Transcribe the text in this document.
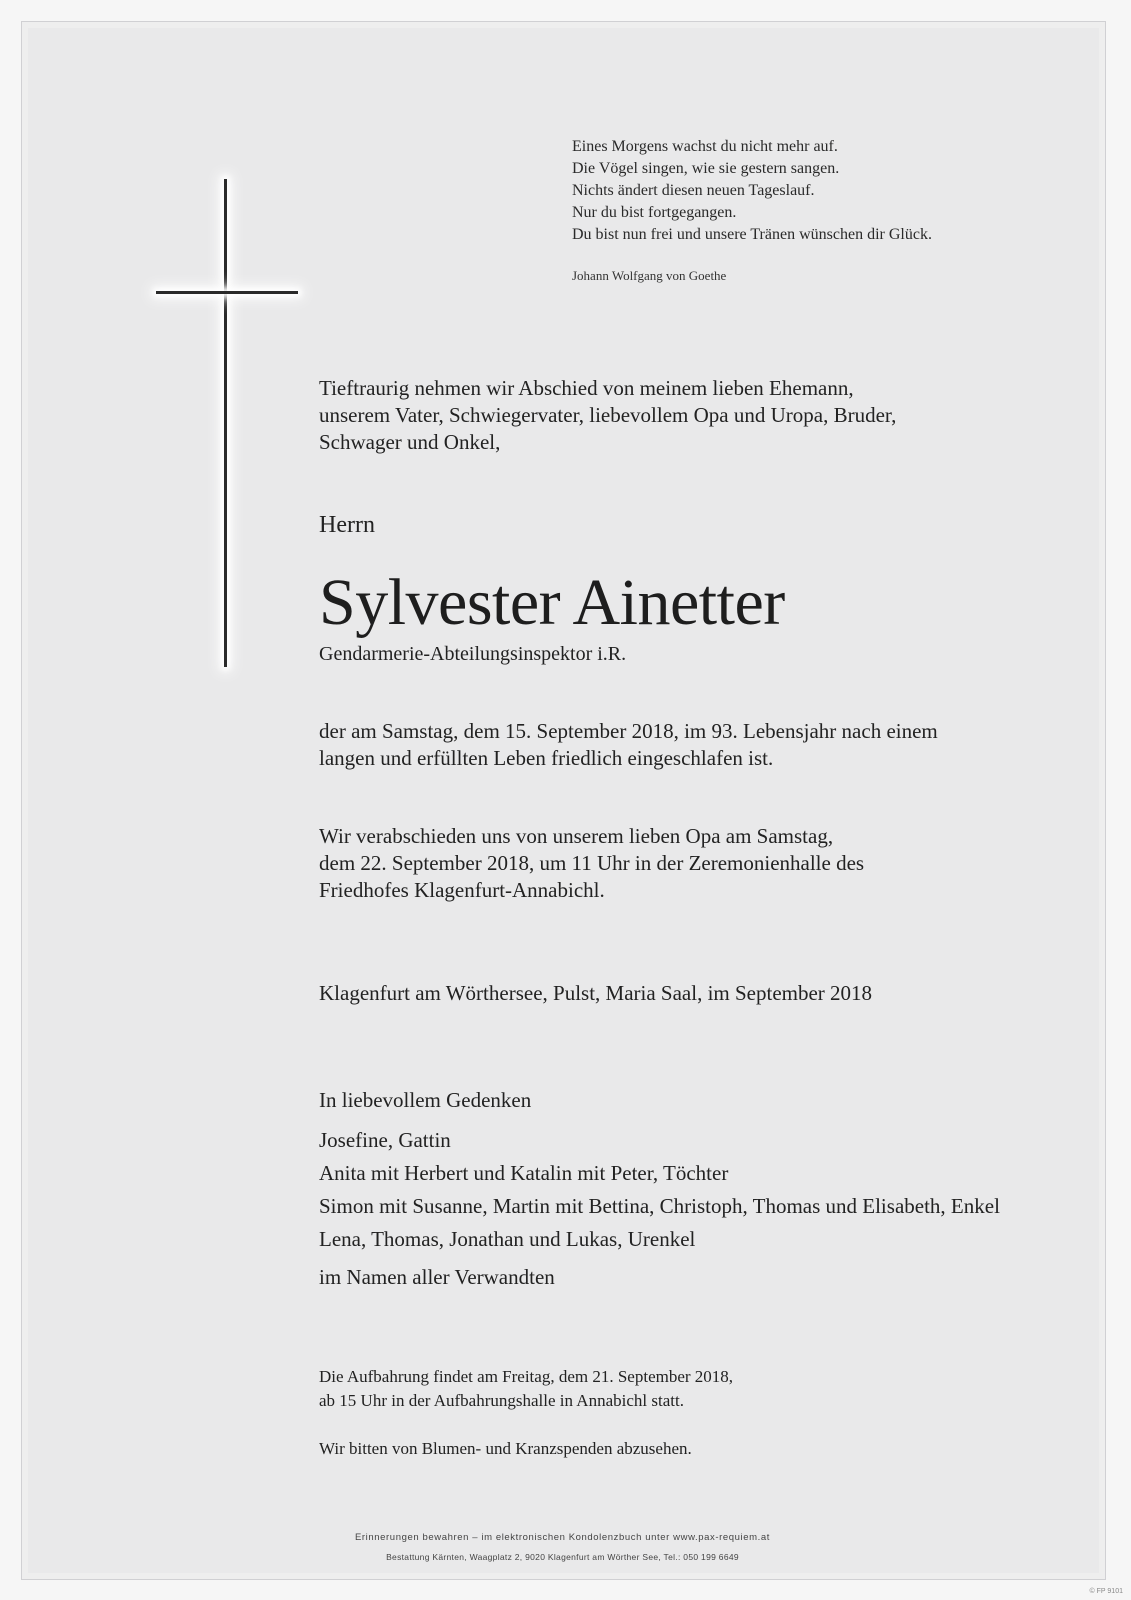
Eines Morgens wachst du nicht mehr auf.
Die Vögel singen, wie sie gestern sangen.
Nichts ändert diesen neuen Tageslauf.
Nur du bist fortgegangen.
Du bist nun frei und unsere Tränen wünschen dir Glück.
Johann Wolfgang von Goethe
Tieftraurig nehmen wir Abschied von meinem lieben Ehemann,
unserem Vater, Schwiegervater, liebevollem Opa und Uropa, Bruder,
Schwager und Onkel,
Herrn
Sylvester Ainetter
Gendarmerie-Abteilungsinspektor i.R.
der am Samstag, dem 15. September 2018, im 93. Lebensjahr nach einem
langen und erfüllten Leben friedlich eingeschlafen ist.
Wir verabschieden uns von unserem lieben Opa am Samstag,
dem 22. September 2018, um 11 Uhr in der Zeremonienhalle des
Friedhofes Klagenfurt-Annabichl.
Klagenfurt am Wörthersee, Pulst, Maria Saal, im September 2018
In liebevollem Gedenken
Josefine, Gattin
Anita mit Herbert und Katalin mit Peter, Töchter
Simon mit Susanne, Martin mit Bettina, Christoph, Thomas und Elisabeth, Enkel
Lena, Thomas, Jonathan und Lukas, Urenkel
im Namen aller Verwandten
Die Aufbahrung findet am Freitag, dem 21. September 2018,
ab 15 Uhr in der Aufbahrungshalle in Annabichl statt.
Wir bitten von Blumen- und Kranzspenden abzusehen.
Erinnerungen bewahren – im elektronischen Kondolenzbuch unter www.pax-requiem.at
Bestattung Kärnten, Waagplatz 2, 9020 Klagenfurt am Wörther See, Tel.: 050 199 6649
© FP 9101
